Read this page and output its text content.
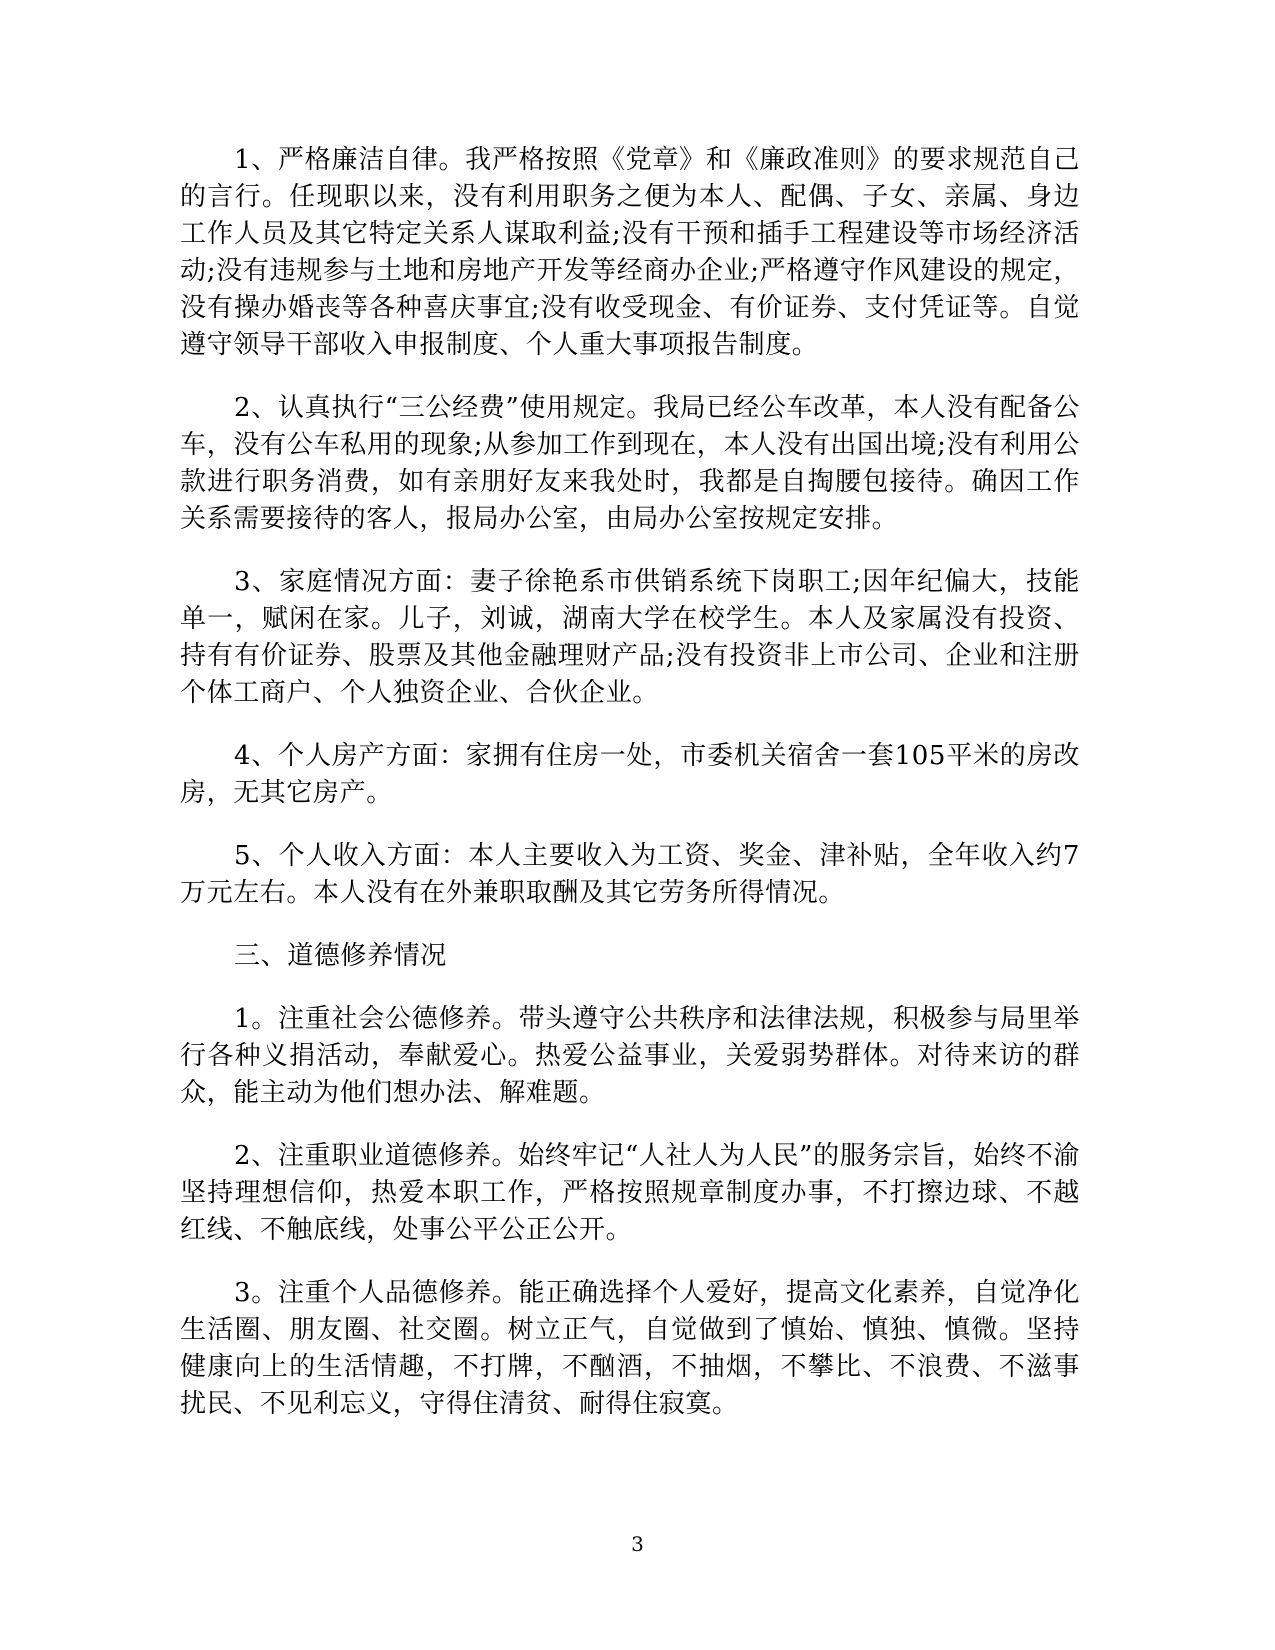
1、严格廉洁自律。我严格按照《党章》和《廉政准则》的要求规范自己的言行。任现职以来，没有利用职务之便为本人、配偶、子女、亲属、身边工作人员及其它特定关系人谋取利益;没有干预和插手工程建设等市场经济活动;没有违规参与土地和房地产开发等经商办企业;严格遵守作风建设的规定，没有操办婚丧等各种喜庆事宜;没有收受现金、有价证券、支付凭证等。自觉遵守领导干部收入申报制度、个人重大事项报告制度。

2、认真执行“三公经费”使用规定。我局已经公车改革，本人没有配备公车，没有公车私用的现象;从参加工作到现在，本人没有出国出境;没有利用公款进行职务消费，如有亲朋好友来我处时，我都是自掏腰包接待。确因工作关系需要接待的客人，报局办公室，由局办公室按规定安排。

3、家庭情况方面：妻子徐艳系市供销系统下岗职工;因年纪偏大，技能单一，赋闲在家。儿子，刘诚，湖南大学在校学生。本人及家属没有投资、持有有价证券、股票及其他金融理财产品;没有投资非上市公司、企业和注册个体工商户、个人独资企业、合伙企业。

4、个人房产方面：家拥有住房一处，市委机关宿舍一套105平米的房改房，无其它房产。

5、个人收入方面：本人主要收入为工资、奖金、津补贴，全年收入约7万元左右。本人没有在外兼职取酬及其它劳务所得情况。

三、道德修养情况

1。注重社会公德修养。带头遵守公共秩序和法律法规，积极参与局里举行各种义捐活动，奉献爱心。热爱公益事业，关爱弱势群体。对待来访的群众，能主动为他们想办法、解难题。

2、注重职业道德修养。始终牢记“人社人为人民”的服务宗旨，始终不渝坚持理想信仰，热爱本职工作，严格按照规章制度办事，不打擦边球、不越红线、不触底线，处事公平公正公开。

3。注重个人品德修养。能正确选择个人爱好，提高文化素养，自觉净化生活圈、朋友圈、社交圈。树立正气，自觉做到了慎始、慎独、慎微。坚持健康向上的生活情趣，不打牌，不酗酒，不抽烟，不攀比、不浪费、不滋事扰民、不见利忘义，守得住清贫、耐得住寂寞。

3
